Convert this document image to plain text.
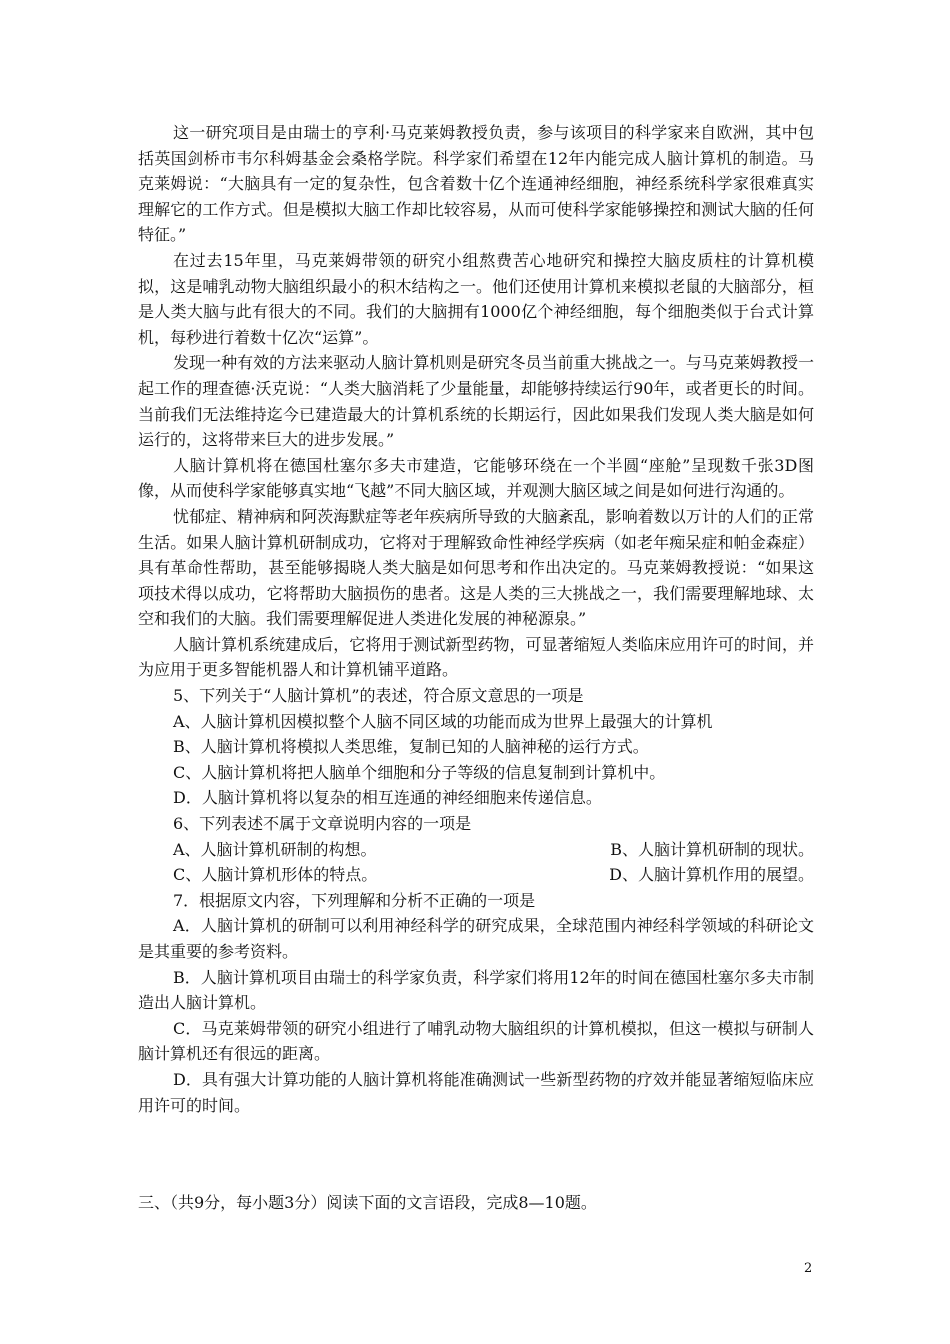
这一研究项目是由瑞士的亨利·马克莱姆教授负责，参与该项目的科学家来自欧洲，其中包括英国剑桥市韦尔科姆基金会桑格学院。科学家们希望在12年内能完成人脑计算机的制造。马克莱姆说：“大脑具有一定的复杂性，包含着数十亿个连通神经细胞，神经系统科学家很难真实理解它的工作方式。但是模拟大脑工作却比较容易，从而可使科学家能够操控和测试大脑的任何特征。”

在过去15年里，马克莱姆带领的研究小组熬费苦心地研究和操控大脑皮质柱的计算机模拟，这是哺乳动物大脑组织最小的积木结构之一。他们还使用计算机来模拟老鼠的大脑部分，桓是人类大脑与此有很大的不同。我们的大脑拥有1000亿个神经细胞，每个细胞类似于台式计算机，每秒进行着数十亿次“运算”。

发现一种有效的方法来驱动人脑计算机则是研究冬员当前重大挑战之一。与马克莱姆教授一起工作的理查德·沃克说：“人类大脑消耗了少量能量，却能够持续运行90年，或者更长的时间。当前我们无法维持迄今已建造最大的计算机系统的长期运行，因此如果我们发现人类大脑是如何运行的，这将带来巨大的进步发展。”

人脑计算机将在德国杜塞尔多夫市建造，它能够环绕在一个半圆“座舱”呈现数千张3D图像，从而使科学家能够真实地“飞越”不同大脑区域，并观测大脑区域之间是如何进行沟通的。

忧郁症、精神病和阿茨海默症等老年疾病所导致的大脑紊乱，影响着数以万计的人们的正常生活。如果人脑计算机研制成功，它将对于理解致命性神经学疾病（如老年痴呆症和帕金森症）具有革命性帮助，甚至能够揭晓人类大脑是如何思考和作出决定的。马克莱姆教授说：“如果这项技术得以成功，它将帮助大脑损伤的患者。这是人类的三大挑战之一，我们需要理解地球、太空和我们的大脑。我们需要理解促进人类进化发展的神秘源泉。”

人脑计算机系统建成后，它将用于测试新型药物，可显著缩短人类临床应用许可的时间，并为应用于更多智能机器人和计算机铺平道路。

5、下列关于“人脑计算机”的表述，符合原文意思的一项是

A、人脑计算机因模拟整个人脑不同区域的功能而成为世界上最强大的计算机

B、人脑计算机将模拟人类思维，复制已知的人脑神秘的运行方式。

C、人脑计算机将把人脑单个细胞和分子等级的信息复制到计算机中。

D．人脑计算机将以复杂的相互连通的神经细胞来传递信息。

6、下列表述不属于文章说明内容的一项是

A、人脑计算机研制的构想。	B、人脑计算机研制的现状。
C、人脑计算机形体的特点。	D、人脑计算机作用的展望。

7．根据原文内容，下列理解和分析不正确的一项是

A．人脑计算机的研制可以利用神经科学的研究成果，全球范围内神经科学领域的科研论文是其重要的参考资料。

B．人脑计算机项目由瑞士的科学家负责，科学家们将用12年的时间在德国杜塞尔多夫市制造出人脑计算机。

C．马克莱姆带领的研究小组进行了哺乳动物大脑组织的计算机模拟，但这一模拟与研制人脑计算机还有很远的距离。

D．具有强大计算功能的人脑计算机将能准确测试一些新型药物的疗效并能显著缩短临床应用许可的时间。

三、（共9分，每小题3分）阅读下面的文言语段，完成8—10题。
2
